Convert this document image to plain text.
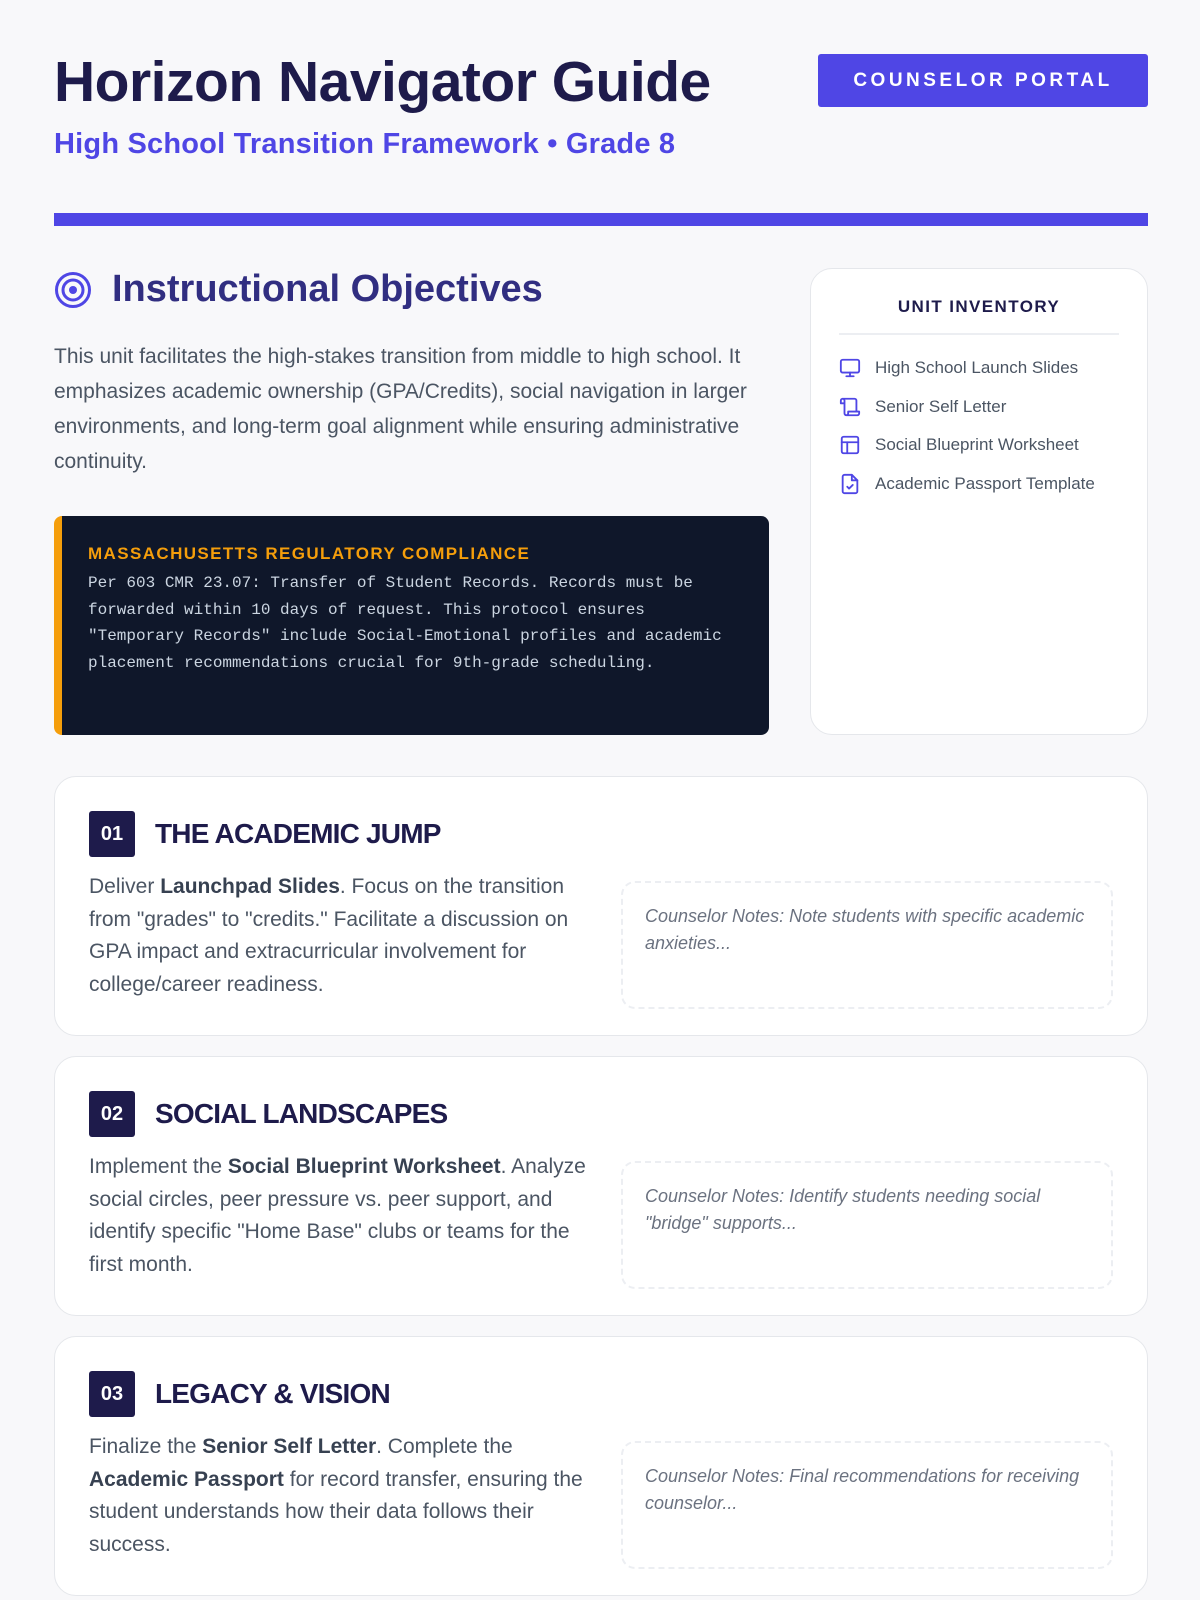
Horizon Navigator Guide
High School Transition Framework • Grade 8
COUNSELOR PORTAL
Instructional Objectives

This unit facilitates the high-stakes transition from middle to high school. It emphasizes academic ownership (GPA/Credits), social navigation in larger environments, and long-term goal alignment while ensuring administrative continuity.

MASSACHUSETTS REGULATORY COMPLIANCE

Per 603 CMR 23.07: Transfer of Student Records. Records must be forwarded within 10 days of request. This protocol ensures "Temporary Records" include Social-Emotional profiles and academic placement recommendations crucial for 9th-grade scheduling.

UNIT INVENTORY
High School Launch Slides
Senior Self Letter
Social Blueprint Worksheet
Academic Passport Template
01	THE ACADEMIC JUMP

Deliver Launchpad Slides. Focus on the transition from "grades" to "credits." Facilitate a discussion on GPA impact and extracurricular involvement for college/career readiness.

Counselor Notes: Note students with specific academic anxieties...
02	SOCIAL LANDSCAPES

Implement the Social Blueprint Worksheet. Analyze social circles, peer pressure vs. peer support, and identify specific "Home Base" clubs or teams for the first month.

Counselor Notes: Identify students needing social "bridge" supports...
03	LEGACY & VISION

Finalize the Senior Self Letter. Complete the Academic Passport for record transfer, ensuring the student understands how their data follows their success.

Counselor Notes: Final recommendations for receiving counselor...
